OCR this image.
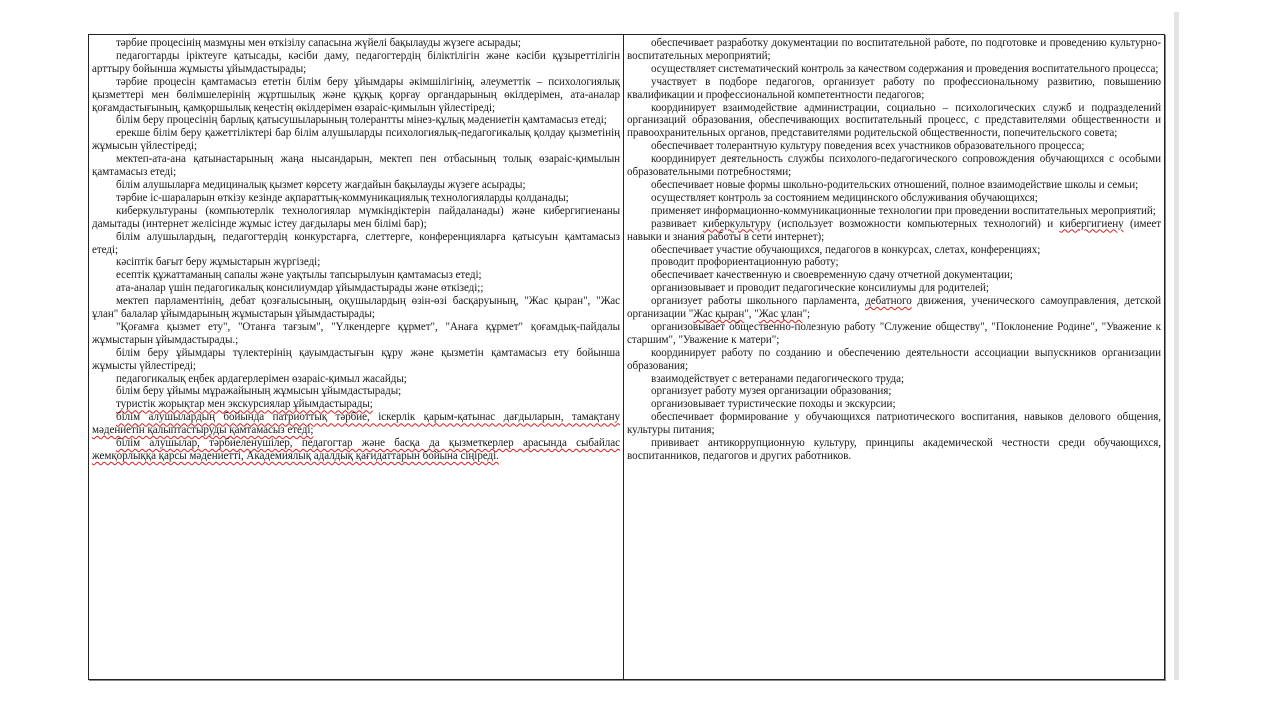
тәрбие процесінің мазмұны мен өткізілу сапасына жүйелі бақылауды жүзеге асырады;

педагогтарды іріктеуге қатысады, кәсіби даму, педагогтердің біліктілігін және кәсіби құзыреттілігін арттыру бойынша жұмысты ұйымдастырады;

тәрбие процесін қамтамасыз ететін білім беру ұйымдары әкімшілігінің, әлеуметтік – психологиялық қызметтері мен бөлімшелерінің жұртшылық және құқық қорғау органдарының өкілдерімен, ата-аналар қоғамдастығының, қамқоршылық кеңестің өкілдерімен өзараіс-қимылын үйлестіреді;

білім беру процесінің барлық қатысушыларының толерантты мінез-құлық мәдениетін қамтамасыз етеді;

ерекше білім беру қажеттіліктері бар білім алушыларды психологиялық-педагогикалық қолдау қызметінің жұмысын үйлестіреді;

мектеп-ата-ана қатынастарының жаңа нысандарын, мектеп пен отбасының толық өзараіс-қимылын қамтамасыз етеді;

білім алушыларға медициналық қызмет көрсету жағдайын бақылауды жүзеге асырады;

тәрбие іс-шараларын өткізу кезінде ақпараттық-коммуникациялық технологияларды қолданады;

киберкультураны (компьютерлік технологиялар мүмкіндіктерін пайдаланады) және кибергигиенаны дамытады (интернет желісінде жұмыс істеу дағдылары мен білімі бар);

білім алушылардың, педагогтердің конкурстарға, слеттерге, конференцияларға қатысуын қамтамасыз етеді;

кәсіптік бағыт беру жұмыстарын жүргізеді;

есептік құжаттаманың сапалы және уақтылы тапсырылуын қамтамасыз етеді;

ата-аналар үшін педагогикалық консилиумдар ұйымдастырады және өткізеді;;

мектеп парламентінің, дебат қозғалысының, оқушылардың өзін-өзі басқаруының, "Жас қыран", "Жас ұлан" балалар ұйымдарының жұмыстарын ұйымдастырады;

"Қоғамға қызмет ету", "Отанға тағзым", "Үлкендерге құрмет", "Анаға құрмет" қоғамдық-пайдалы жұмыстарын ұйымдастырады.;

білім беру ұйымдары түлектерінің қауымдастығын құру және қызметін қамтамасыз ету бойынша жұмысты үйлестіреді;

педагогикалық еңбек ардагерлерімен өзараіс-қимыл жасайды;

білім беру ұйымы мұражайының жұмысын ұйымдастырады;

туристік жорықтар мен экскурсиялар ұйымдастырады;

білім алушылардың бойында патриоттық тәрбие, іскерлік қарым-қатынас дағдыларын, тамақтану мәдениетін қалыптастыруды қамтамасыз етеді;

білім алушылар, тәрбиеленушілер, педагогтар және басқа да қызметкерлер арасында сыбайлас жемқорлыққа қарсы мәдениетті, Академиялық адалдық қағидаттарын бойына сіңіреді.

обеспечивает разработку документации по воспитательной работе, по подготовке и проведению культурно-воспитательных мероприятий;

осуществляет систематический контроль за качеством содержания и проведения воспитательного процесса;

участвует в подборе педагогов, организует работу по профессиональному развитию, повышению квалификации и профессиональной компетентности педагогов;

координирует взаимодействие администрации, социально – психологических служб и подразделений организаций образования, обеспечивающих воспитательный процесс, с представителями общественности и правоохранительных органов, представителями родительской общественности, попечительского совета;

обеспечивает толерантную культуру поведения всех участников образовательного процесса;

координирует деятельность службы психолого-педагогического сопровождения обучающихся с особыми образовательными потребностями;

обеспечивает новые формы школьно-родительских отношений, полное взаимодействие школы и семьи;

осуществляет контроль за состоянием медицинского обслуживания обучающихся;

применяет информационно-коммуникационные технологии при проведении воспитательных мероприятий;

развивает киберкультуру (использует возможности компьютерных технологий) и кибергигиену (имеет навыки и знания работы в сети интернет);

обеспечивает участие обучающихся, педагогов в конкурсах, слетах, конференциях;

проводит профориентационную работу;

обеспечивает качественную и своевременную сдачу отчетной документации;

организовывает и проводит педагогические консилиумы для родителей;

организует работы школьного парламента, дебатного движения, ученического самоуправления, детской организации "Жас қыран", "Жас ұлан";

организовывает общественно-полезную работу "Служение обществу", "Поклонение Родине", "Уважение к старшим", "Уважение к матери";

координирует работу по созданию и обеспечению деятельности ассоциации выпускников организации образования;

взаимодействует с ветеранами педагогического труда;

организует работу музея организации образования;

организовывает туристические походы и экскурсии;

обеспечивает формирование у обучающихся патриотического воспитания, навыков делового общения, культуры питания;

прививает антикоррупционную культуру, принципы академической честности среди обучающихся, воспитанников, педагогов и других работников.
